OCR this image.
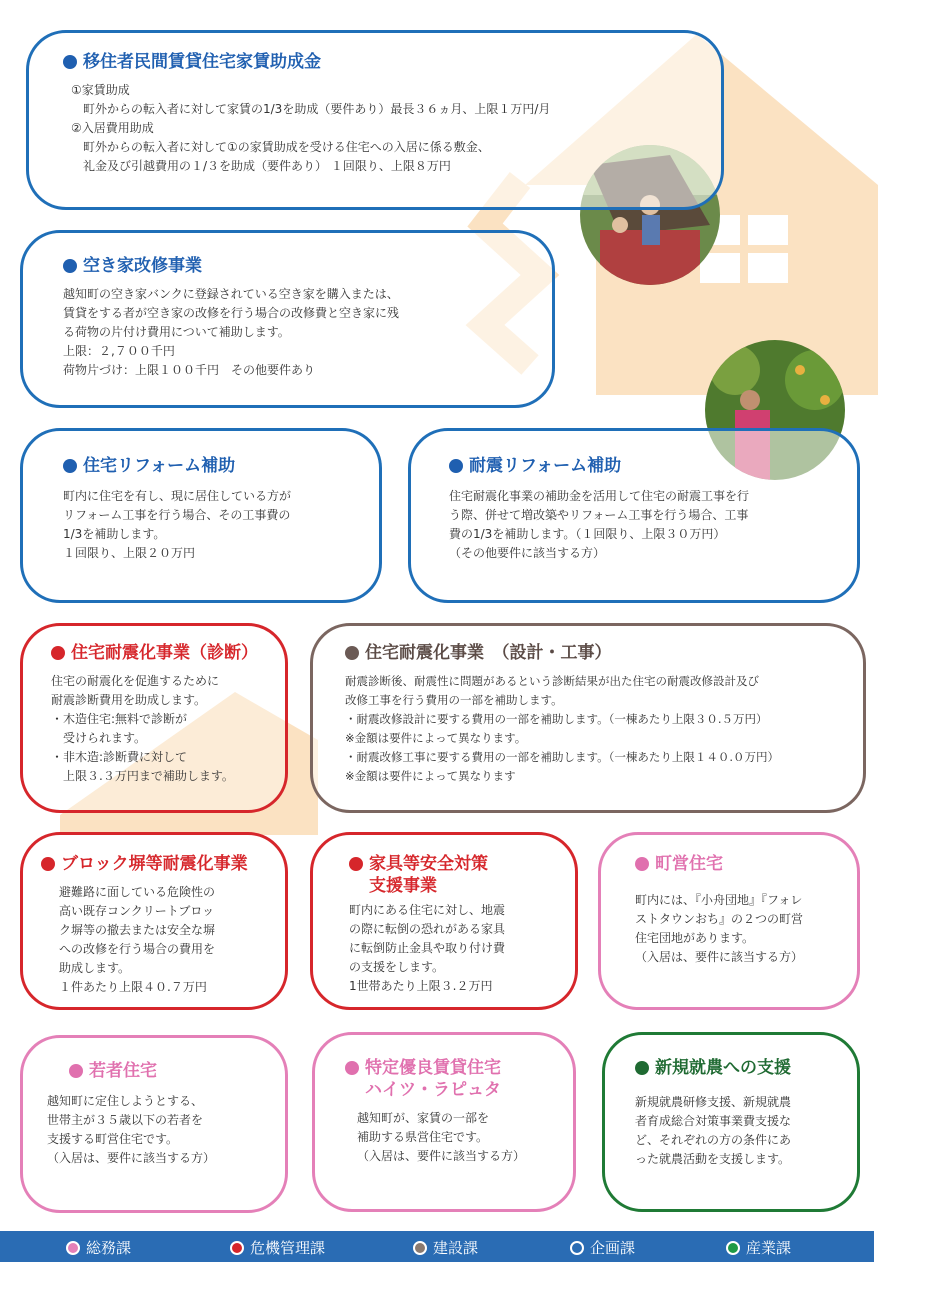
移住者民間賃貸住宅家賃助成金
①家賃助成
　町外からの転入者に対して家賃の1/3を助成（要件あり）最長３６ヵ月、上限１万円/月
②入居費用助成
　町外からの転入者に対して①の家賃助成を受ける住宅への入居に係る敷金、
　礼金及び引越費用の１/３を助成（要件あり） １回限り、上限８万円
空き家改修事業
越知町の空き家バンクに登録されている空き家を購入または、
賃貸をする者が空き家の改修を行う場合の改修費と空き家に残
る荷物の片付け費用について補助します。
上限：２,７００千円
荷物片づけ：上限１００千円　その他要件あり
住宅リフォーム補助
町内に住宅を有し、現に居住している方が
リフォーム工事を行う場合、その工事費の
1/3を補助します。
１回限り、上限２０万円
耐震リフォーム補助
住宅耐震化事業の補助金を活用して住宅の耐震工事を行
う際、併せて増改築やリフォーム工事を行う場合、工事
費の1/3を補助します。（１回限り、上限３０万円）
（その他要件に該当する方）
住宅耐震化事業（診断）
住宅の耐震化を促進するために
耐震診断費用を助成します。
・木造住宅:無料で診断が
　受けられます。
・非木造:診断費に対して
　上限３.３万円まで補助します。
住宅耐震化事業　（設計・工事）
耐震診断後、耐震性に問題があるという診断結果が出た住宅の耐震改修設計及び
改修工事を行う費用の一部を補助します。
・耐震改修設計に要する費用の一部を補助します。（一棟あたり上限３０.５万円）
※金額は要件によって異なります。
・耐震改修工事に要する費用の一部を補助します。（一棟あたり上限１４０.０万円）
※金額は要件によって異なります
ブロック塀等耐震化事業
避難路に面している危険性の
高い既存コンクリートブロッ
ク塀等の撤去または安全な塀
への改修を行う場合の費用を
助成します。
１件あたり上限４０.７万円
家具等安全対策
支援事業
町内にある住宅に対し、地震
の際に転倒の恐れがある家具
に転倒防止金具や取り付け費
の支援をします。
1世帯あたり上限３.２万円
町営住宅
町内には、『小舟団地』『フォレ
ストタウンおち』の２つの町営
住宅団地があります。
（入居は、要件に該当する方）
若者住宅
越知町に定住しようとする、
世帯主が３５歳以下の若者を
支援する町営住宅です。
（入居は、要件に該当する方）
特定優良賃貸住宅
ハイツ・ラピュタ
越知町が、家賃の一部を
補助する県営住宅です。
（入居は、要件に該当する方）
新規就農への支援
新規就農研修支援、新規就農
者育成総合対策事業費支援な
ど、それぞれの方の条件にあ
った就農活動を支援します。
総務課	危機管理課	建設課	企画課	産業課
